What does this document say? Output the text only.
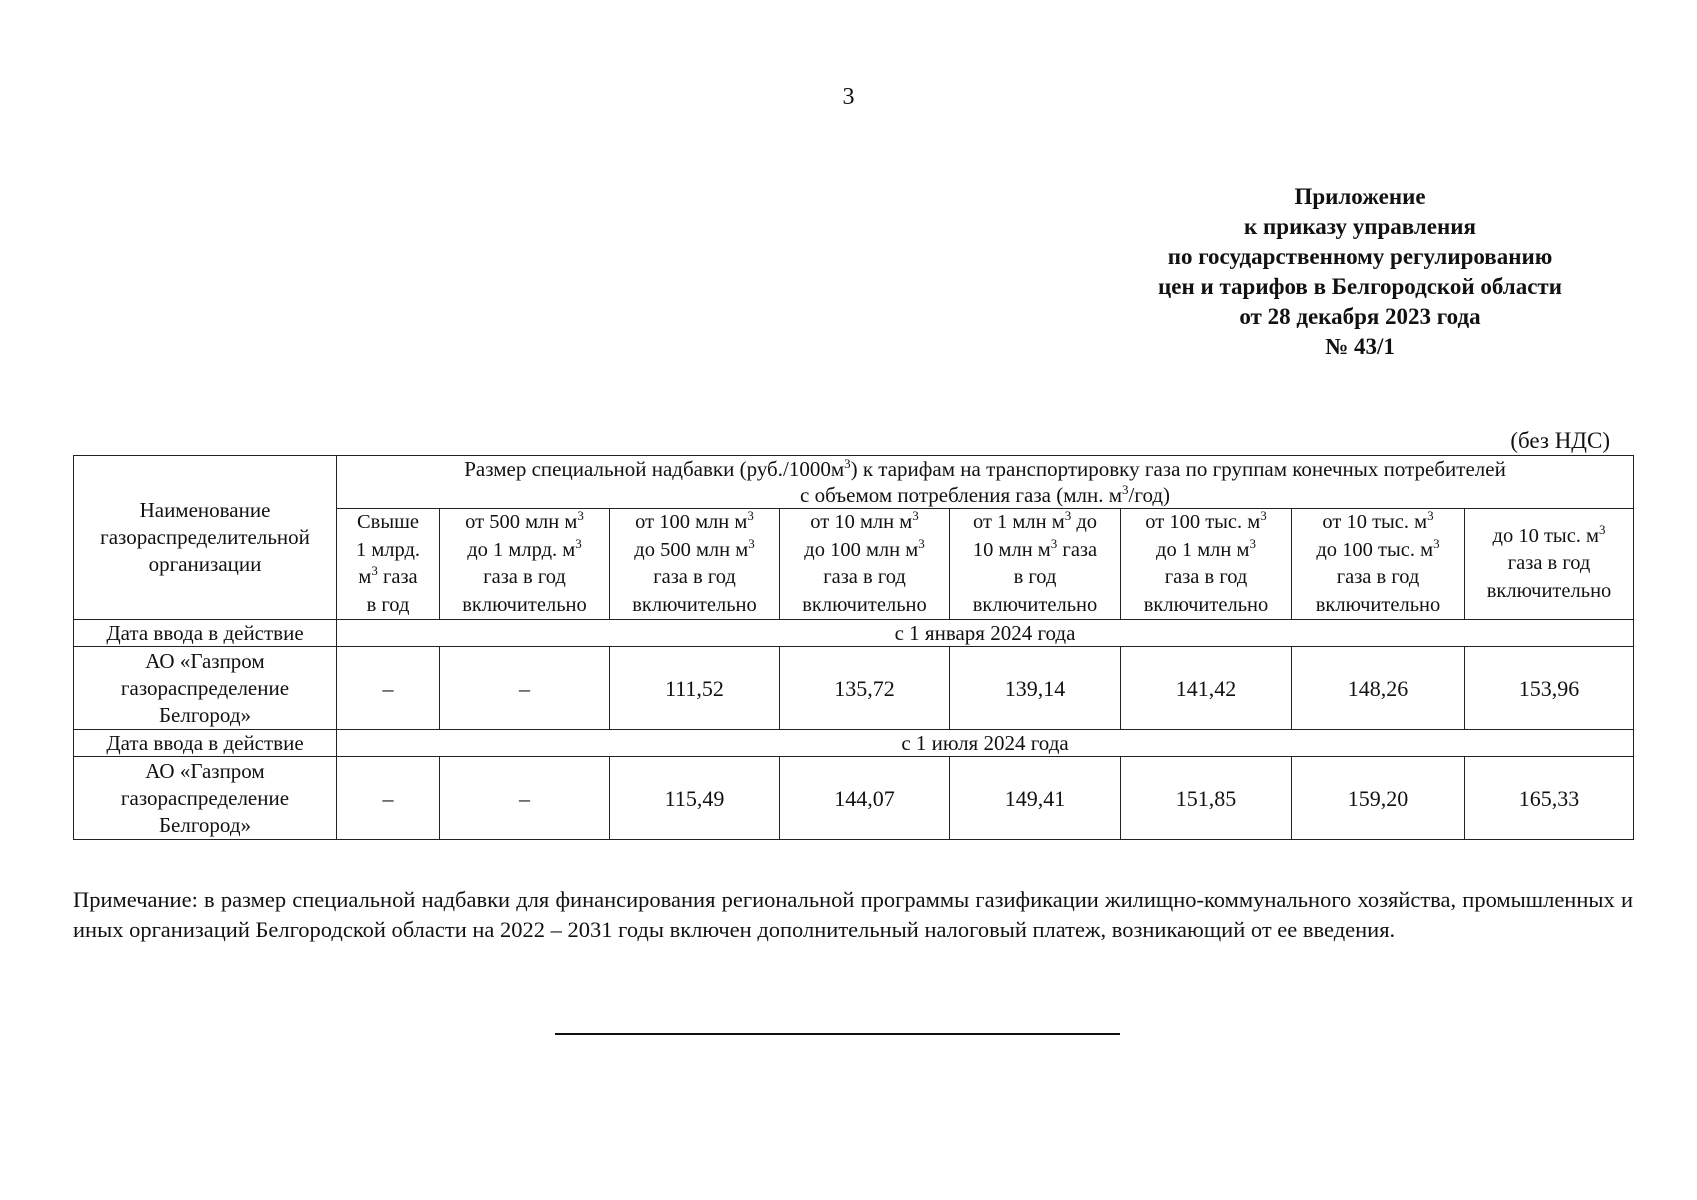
3
Приложение
к приказу управления
по государственному регулированию
цен и тарифов в Белгородской области
от 28 декабря 2023 года
№ 43/1
(без НДС)
Наименование газораспределительной организации	Размер специальной надбавки $(руб./1000м^3)$ к тарифам на транспортировку газа по группам конечных потребителей
с объемом потребления газа (млн. $м^3/год$)							
	Свыше
1 млрд.
$м^3$ газа
в год	от 500 млн $м^3$
до 1 млрд. $м^3$
газа в год
включительно	от 100 млн $м^3$
до 500 млн $м^3$
газа в год
включительно	от 10 млн $м^3$
до 100 млн $м^3$
газа в год
включительно	от 1 млн $м^3$ до
10 млн $м^3$ газа
в год
включительно	от 100 тыс. $м^3$
до 1 млн $м^3$
газа в год
включительно	от 10 тыс. $м^3$
до 100 тыс. $м^3$
газа в год
включительно	до 10 тыс. $м^3$
газа в год
включительно
Дата ввода в действие	с 1 января 2024 года							
АО «Газпром
газораспределение
Белгород»	–	–	111,52	135,72	139,14	141,42	148,26	153,96
Дата ввода в действие	с 1 июля 2024 года							
АО «Газпром
газораспределение
Белгород»	–	–	115,49	144,07	149,41	151,85	159,20	165,33
Примечание: в размер специальной надбавки для финансирования региональной программы газификации жилищно-коммунального хозяйства, промышленных и иных организаций Белгородской области на 2022 – 2031 годы включен дополнительный налоговый платеж, возникающий от ее введения.
